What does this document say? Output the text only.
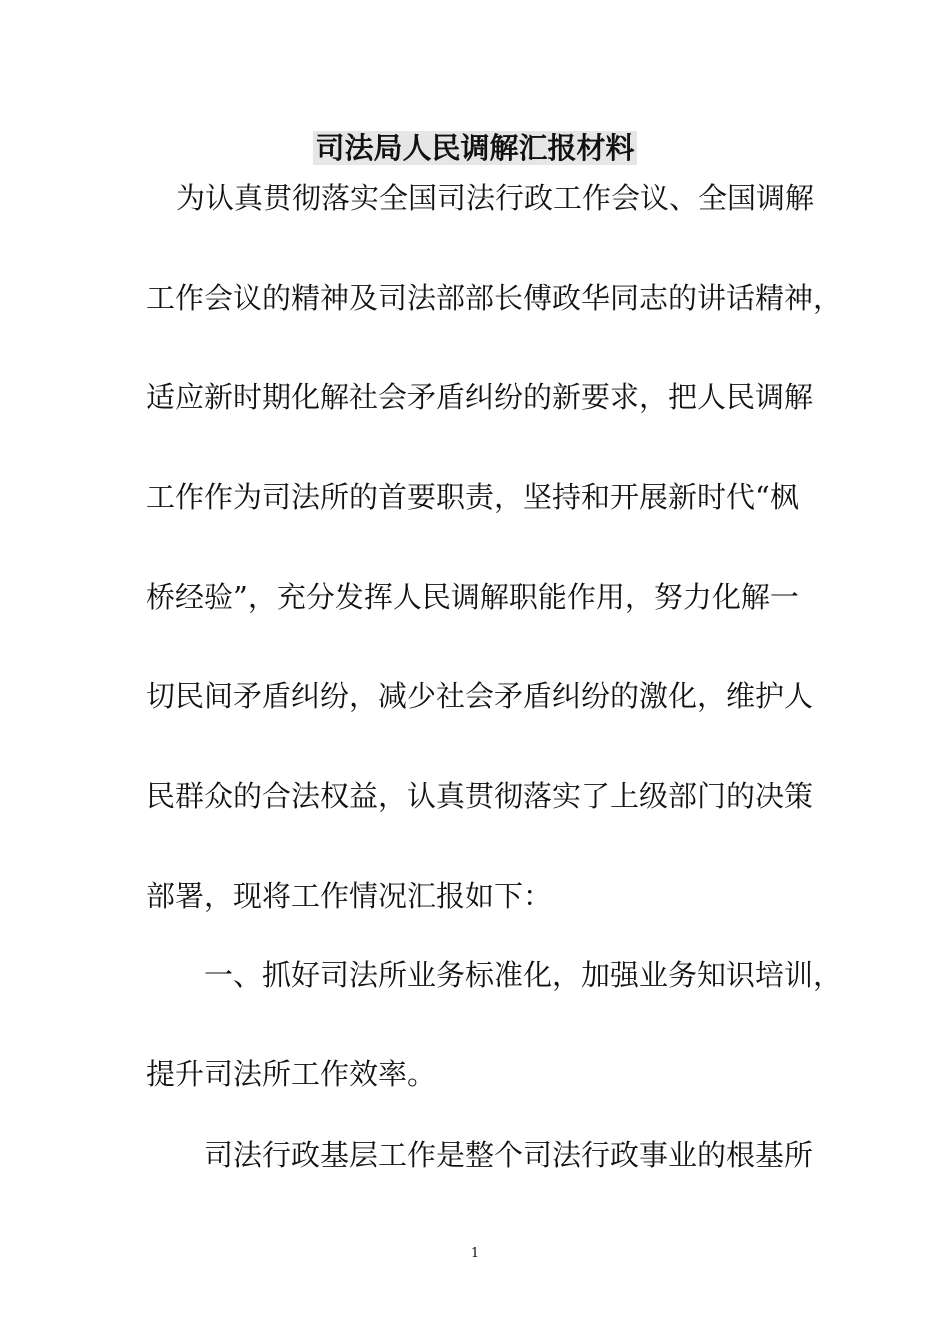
司法局人民调解汇报材料

为认真贯彻落实全国司法行政工作会议、全国调解

工作会议的精神及司法部部长傅政华同志的讲话精神，

适应新时期化解社会矛盾纠纷的新要求，把人民调解

工作作为司法所的首要职责，坚持和开展新时代“枫

桥经验”，充分发挥人民调解职能作用，努力化解一

切民间矛盾纠纷，减少社会矛盾纠纷的激化，维护人

民群众的合法权益，认真贯彻落实了上级部门的决策

部署，现将工作情况汇报如下：

一、抓好司法所业务标准化，加强业务知识培训，

提升司法所工作效率。

司法行政基层工作是整个司法行政事业的根基所

1
